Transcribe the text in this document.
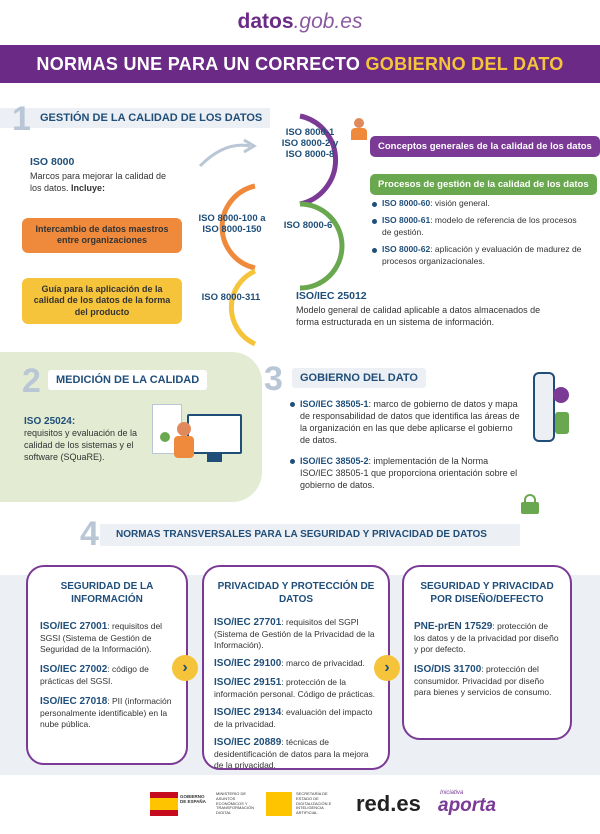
datos.gob.es
NORMAS UNE PARA UN CORRECTO GOBIERNO DEL DATO
1 GESTIÓN DE LA CALIDAD DE LOS DATOS
ISO 8000-1
ISO 8000-2 y
ISO 8000-8
ISO 8000-100 a
ISO 8000-150	ISO 8000-6
ISO 8000-311
ISO 8000
Marcos para mejorar la calidad de los datos. Incluye:
Intercambio de datos maestros entre organizaciones
Guía para la aplicación de la calidad de los datos de la forma del producto
Conceptos generales de la calidad de los datos
Procesos de gestión de la calidad de los datos
ISO 8000-60: visión general.
ISO 8000-61: modelo de referencia de los procesos de gestión.
ISO 8000-62: aplicación y evaluación de madurez de procesos organizacionales.
ISO/IEC 25012
Modelo general de calidad aplicable a datos almacenados de forma estructurada en un sistema de información.
2	MEDICIÓN DE LA CALIDAD
ISO 25024:
requisitos y evaluación de la calidad de los sistemas y el software (SQuaRE).
3	GOBIERNO DEL DATO
ISO/IEC 38505-1: marco de gobierno de datos y mapa de responsabilidad de datos que identifica las áreas de la organización en las que debe aplicarse el gobierno de datos.
ISO/IEC 38505-2: implementación de la Norma ISO/IEC 38505-1 que proporciona orientación sobre el gobierno de datos.
4	NORMAS TRANSVERSALES PARA LA SEGURIDAD Y PRIVACIDAD DE DATOS
SEGURIDAD DE LA INFORMACIÓN
ISO/IEC 27001: requisitos del SGSI (Sistema de Gestión de Seguridad de la Información).
ISO/IEC 27002: código de prácticas del SGSI.
ISO/IEC 27018: PII (información personalmente identificable) en la nube pública.
›
PRIVACIDAD Y PROTECCIÓN DE DATOS
ISO/IEC 27701: requisitos del SGPI (Sistema de Gestión de la Privacidad de la Información).
ISO/IEC 29100: marco de privacidad.
ISO/IEC 29151: protección de la información personal. Código de prácticas.
ISO/IEC 29134: evaluación del impacto de la privacidad.
ISO/IEC 20889: técnicas de desidentificación de datos para la mejora de la privacidad.
›
SEGURIDAD Y PRIVACIDAD POR DISEÑO/DEFECTO
PNE-prEN 17529: protección de los datos y de la privacidad por diseño y por defecto.
ISO/DIS 31700: protección del consumidor. Privacidad por diseño para bienes y servicios de consumo.
GOBIERNO DE ESPAÑA
MINISTERIO DE ASUNTOS ECONÓMICOS Y TRANSFORMACIÓN DIGITAL
SECRETARÍA DE ESTADO DE DIGITALIZACIÓN E INTELIGENCIA ARTIFICIAL	red.es	Iniciativa
aporta
